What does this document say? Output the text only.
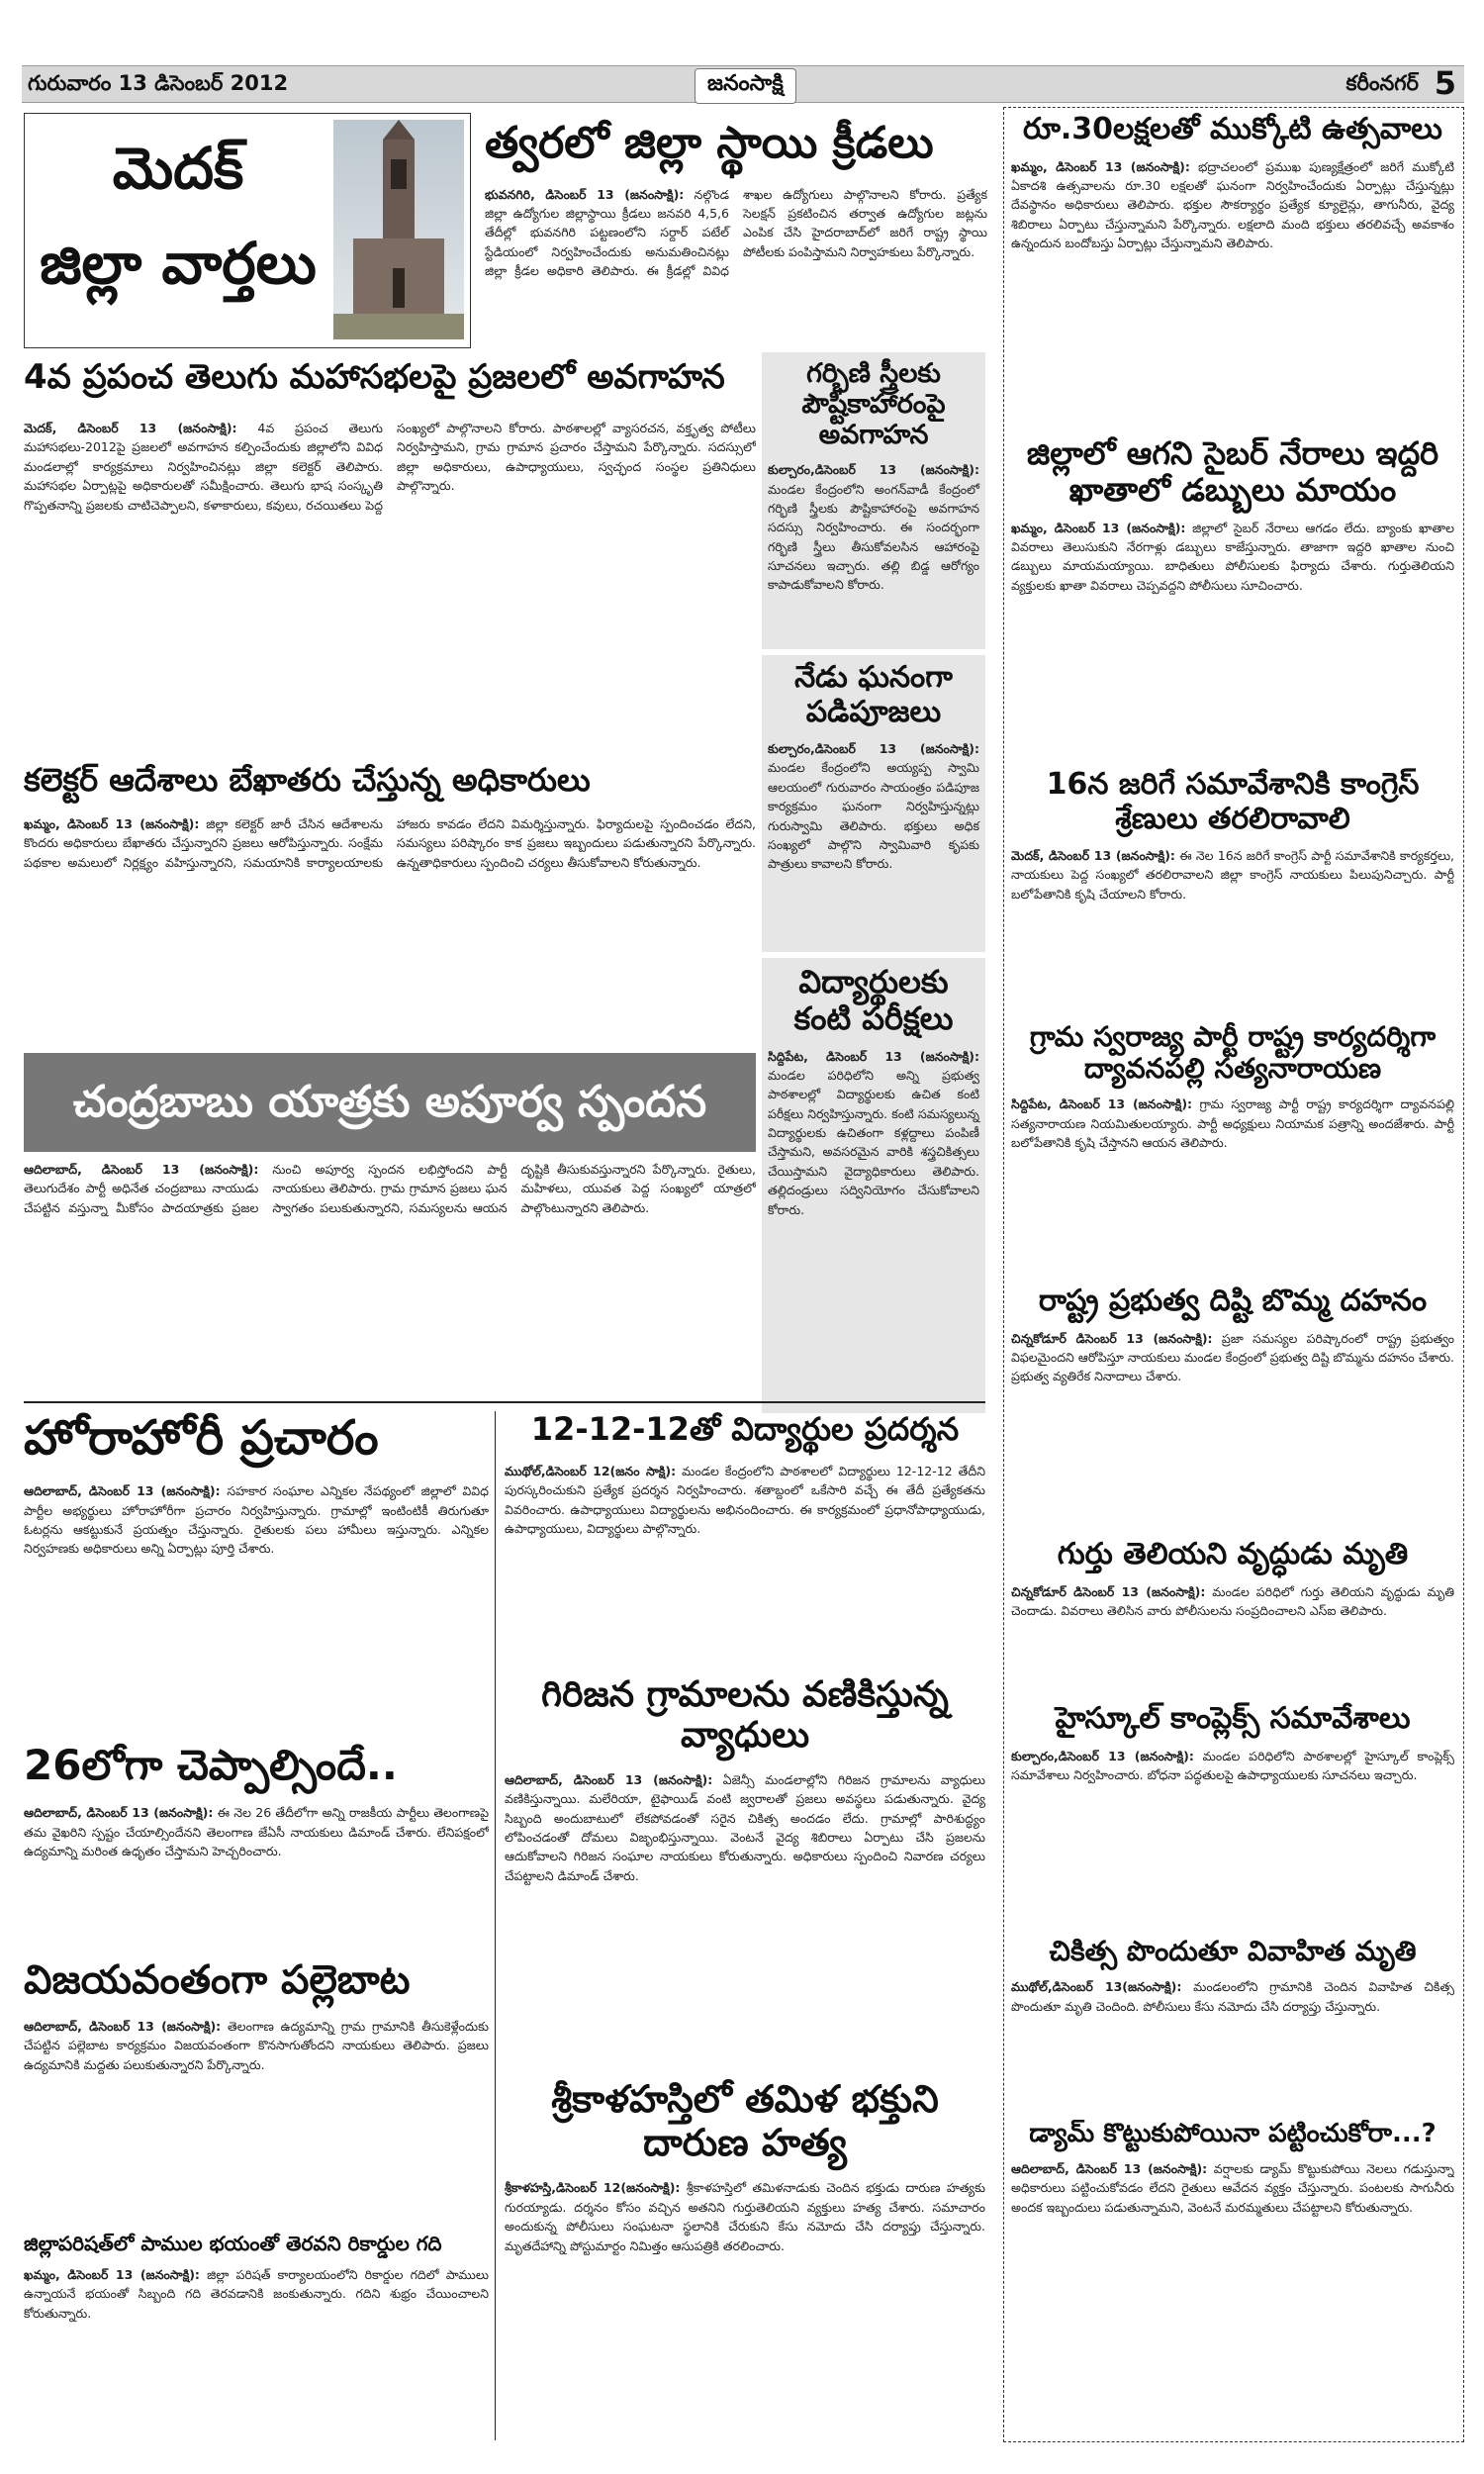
గురువారం 13 డిసెంబర్ 2012	జనంసాక్షి	కరీంనగర్ 5
మెదక్
జిల్లా వార్తలు
త్వరలో జిల్లా స్థాయి క్రీడలు
భువనగిరి, డిసెంబర్ 13 (జనంసాక్షి): నల్గొండ జిల్లా ఉద్యోగుల జిల్లాస్థాయి క్రీడలు జనవరి 4,5,6 తేదీల్లో భువనగిరి పట్టణంలోని సర్దార్ పటేల్ స్టేడియంలో నిర్వహించేందుకు అనుమతించినట్లు జిల్లా క్రీడల అధికారి తెలిపారు. ఈ క్రీడల్లో వివిధ శాఖల ఉద్యోగులు పాల్గొనాలని కోరారు. ప్రత్యేక సెలక్షన్ ప్రకటించిన తర్వాత ఉద్యోగుల జట్లను ఎంపిక చేసి హైదరాబాద్‌లో జరిగే రాష్ట్ర స్థాయి పోటీలకు పంపిస్తామని నిర్వాహకులు పేర్కొన్నారు.
4వ ప్రపంచ తెలుగు మహాసభలపై ప్రజలలో అవగాహన
మెదక్, డిసెంబర్ 13 (జనంసాక్షి): 4వ ప్రపంచ తెలుగు మహాసభలు-2012పై ప్రజలలో అవగాహన కల్పించేందుకు జిల్లాలోని వివిధ మండలాల్లో కార్యక్రమాలు నిర్వహించినట్లు జిల్లా కలెక్టర్ తెలిపారు. మహాసభల ఏర్పాట్లపై అధికారులతో సమీక్షించారు. తెలుగు భాష సంస్కృతి గొప్పతనాన్ని ప్రజలకు చాటిచెప్పాలని, కళాకారులు, కవులు, రచయితలు పెద్ద సంఖ్యలో పాల్గొనాలని కోరారు. పాఠశాలల్లో వ్యాసరచన, వక్తృత్వ పోటీలు నిర్వహిస్తామని, గ్రామ గ్రామాన ప్రచారం చేస్తామని పేర్కొన్నారు. సదస్సులో జిల్లా అధికారులు, ఉపాధ్యాయులు, స్వచ్ఛంద సంస్థల ప్రతినిధులు పాల్గొన్నారు.
గర్భిణి స్త్రీలకు పౌష్టికాహారంపై అవగాహన
కుల్చారం,డిసెంబర్ 13 (జనంసాక్షి): మండల కేంద్రంలోని అంగన్‌వాడీ కేంద్రంలో గర్భిణి స్త్రీలకు పౌష్టికాహారంపై అవగాహన సదస్సు నిర్వహించారు. ఈ సందర్భంగా గర్భిణి స్త్రీలు తీసుకోవలసిన ఆహారంపై సూచనలు ఇచ్చారు. తల్లి బిడ్డ ఆరోగ్యం కాపాడుకోవాలని కోరారు.
నేడు ఘనంగా పడిపూజలు
కుల్చారం,డిసెంబర్ 13 (జనంసాక్షి): మండల కేంద్రంలోని అయ్యప్ప స్వామి ఆలయంలో గురువారం సాయంత్రం పడిపూజ కార్యక్రమం ఘనంగా నిర్వహిస్తున్నట్లు గురుస్వామి తెలిపారు. భక్తులు అధిక సంఖ్యలో పాల్గొని స్వామివారి కృపకు పాత్రులు కావాలని కోరారు.
కలెక్టర్ ఆదేశాలు బేఖాతరు చేస్తున్న అధికారులు
ఖమ్మం, డిసెంబర్ 13 (జనంసాక్షి): జిల్లా కలెక్టర్ జారీ చేసిన ఆదేశాలను కొందరు అధికారులు బేఖాతరు చేస్తున్నారని ప్రజలు ఆరోపిస్తున్నారు. సంక్షేమ పథకాల అమలులో నిర్లక్ష్యం వహిస్తున్నారని, సమయానికి కార్యాలయాలకు హాజరు కావడం లేదని విమర్శిస్తున్నారు. ఫిర్యాదులపై స్పందించడం లేదని, సమస్యలు పరిష్కారం కాక ప్రజలు ఇబ్బందులు పడుతున్నారని పేర్కొన్నారు. ఉన్నతాధికారులు స్పందించి చర్యలు తీసుకోవాలని కోరుతున్నారు.
విద్యార్థులకు కంటి పరీక్షలు
సిద్దిపేట, డిసెంబర్ 13 (జనంసాక్షి): మండల పరిధిలోని అన్ని ప్రభుత్వ పాఠశాలల్లో విద్యార్థులకు ఉచిత కంటి పరీక్షలు నిర్వహిస్తున్నారు. కంటి సమస్యలున్న విద్యార్థులకు ఉచితంగా కళ్లద్దాలు పంపిణీ చేస్తామని, అవసరమైన వారికి శస్త్రచికిత్సలు చేయిస్తామని వైద్యాధికారులు తెలిపారు. తల్లిదండ్రులు సద్వినియోగం చేసుకోవాలని కోరారు.
చంద్రబాబు యాత్రకు అపూర్వ స్పందన
ఆదిలాబాద్, డిసెంబర్ 13 (జనంసాక్షి): తెలుగుదేశం పార్టీ అధినేత చంద్రబాబు నాయుడు చేపట్టిన వస్తున్నా మీకోసం పాదయాత్రకు ప్రజల నుంచి అపూర్వ స్పందన లభిస్తోందని పార్టీ నాయకులు తెలిపారు. గ్రామ గ్రామాన ప్రజలు ఘన స్వాగతం పలుకుతున్నారని, సమస్యలను ఆయన దృష్టికి తీసుకువస్తున్నారని పేర్కొన్నారు. రైతులు, మహిళలు, యువత పెద్ద సంఖ్యలో యాత్రలో పాల్గొంటున్నారని తెలిపారు.
హోరాహోరీ ప్రచారం
ఆదిలాబాద్, డిసెంబర్ 13 (జనంసాక్షి): సహకార సంఘాల ఎన్నికల నేపథ్యంలో జిల్లాలో వివిధ పార్టీల అభ్యర్థులు హోరాహోరీగా ప్రచారం నిర్వహిస్తున్నారు. గ్రామాల్లో ఇంటింటికీ తిరుగుతూ ఓటర్లను ఆకట్టుకునే ప్రయత్నం చేస్తున్నారు. రైతులకు పలు హామీలు ఇస్తున్నారు. ఎన్నికల నిర్వహణకు అధికారులు అన్ని ఏర్పాట్లు పూర్తి చేశారు.
26లోగా చెప్పాల్సిందే..
ఆదిలాబాద్, డిసెంబర్ 13 (జనంసాక్షి): ఈ నెల 26 తేదీలోగా అన్ని రాజకీయ పార్టీలు తెలంగాణపై తమ వైఖరిని స్పష్టం చేయాల్సిందేనని తెలంగాణ జేఏసీ నాయకులు డిమాండ్ చేశారు. లేనిపక్షంలో ఉద్యమాన్ని మరింత ఉధృతం చేస్తామని హెచ్చరించారు.
విజయవంతంగా పల్లెబాట
ఆదిలాబాద్, డిసెంబర్ 13 (జనంసాక్షి): తెలంగాణ ఉద్యమాన్ని గ్రామ గ్రామానికి తీసుకెళ్లేందుకు చేపట్టిన పల్లెబాట కార్యక్రమం విజయవంతంగా కొనసాగుతోందని నాయకులు తెలిపారు. ప్రజలు ఉద్యమానికి మద్దతు పలుకుతున్నారని పేర్కొన్నారు.
జిల్లాపరిషత్‌లో పాముల భయంతో తెరవని రికార్డుల గది
ఖమ్మం, డిసెంబర్ 13 (జనంసాక్షి): జిల్లా పరిషత్ కార్యాలయంలోని రికార్డుల గదిలో పాములు ఉన్నాయనే భయంతో సిబ్బంది గది తెరవడానికి జంకుతున్నారు. గదిని శుభ్రం చేయించాలని కోరుతున్నారు.
12-12-12తో విద్యార్థుల ప్రదర్శన
ముథోల్,డిసెంబర్ 12(జనం సాక్షి): మండల కేంద్రంలోని పాఠశాలలో విద్యార్థులు 12-12-12 తేదీని పురస్కరించుకుని ప్రత్యేక ప్రదర్శన నిర్వహించారు. శతాబ్దంలో ఒకేసారి వచ్చే ఈ తేదీ ప్రత్యేకతను వివరించారు. ఉపాధ్యాయులు విద్యార్థులను అభినందించారు. ఈ కార్యక్రమంలో ప్రధానోపాధ్యాయుడు, ఉపాధ్యాయులు, విద్యార్థులు పాల్గొన్నారు.
గిరిజన గ్రామాలను వణికిస్తున్న వ్యాధులు
ఆదిలాబాద్, డిసెంబర్ 13 (జనంసాక్షి): ఏజెన్సీ మండలాల్లోని గిరిజన గ్రామాలను వ్యాధులు వణికిస్తున్నాయి. మలేరియా, టైఫాయిడ్ వంటి జ్వరాలతో ప్రజలు అవస్థలు పడుతున్నారు. వైద్య సిబ్బంది అందుబాటులో లేకపోవడంతో సరైన చికిత్స అందడం లేదు. గ్రామాల్లో పారిశుద్ధ్యం లోపించడంతో దోమలు విజృంభిస్తున్నాయి. వెంటనే వైద్య శిబిరాలు ఏర్పాటు చేసి ప్రజలను ఆదుకోవాలని గిరిజన సంఘాల నాయకులు కోరుతున్నారు. అధికారులు స్పందించి నివారణ చర్యలు చేపట్టాలని డిమాండ్ చేశారు.
శ్రీకాళహస్తిలో తమిళ భక్తుని దారుణ హత్య
శ్రీకాళహస్తి,డిసెంబర్ 12(జనంసాక్షి): శ్రీకాళహస్తిలో తమిళనాడుకు చెందిన భక్తుడు దారుణ హత్యకు గురయ్యాడు. దర్శనం కోసం వచ్చిన అతనిని గుర్తుతెలియని వ్యక్తులు హత్య చేశారు. సమాచారం అందుకున్న పోలీసులు సంఘటనా స్థలానికి చేరుకుని కేసు నమోదు చేసి దర్యాప్తు చేస్తున్నారు. మృతదేహాన్ని పోస్టుమార్టం నిమిత్తం ఆసుపత్రికి తరలించారు.
రూ.30లక్షలతో ముక్కోటి ఉత్సవాలు
ఖమ్మం, డిసెంబర్ 13 (జనంసాక్షి): భద్రాచలంలో ప్రముఖ పుణ్యక్షేత్రంలో జరిగే ముక్కోటి ఏకాదశి ఉత్సవాలను రూ.30 లక్షలతో ఘనంగా నిర్వహించేందుకు ఏర్పాట్లు చేస్తున్నట్లు దేవస్థానం అధికారులు తెలిపారు. భక్తుల సౌకర్యార్థం ప్రత్యేక క్యూలైన్లు, తాగునీరు, వైద్య శిబిరాలు ఏర్పాటు చేస్తున్నామని పేర్కొన్నారు. లక్షలాది మంది భక్తులు తరలివచ్చే అవకాశం ఉన్నందున బందోబస్తు ఏర్పాట్లు చేస్తున్నామని తెలిపారు.
జిల్లాలో ఆగని సైబర్ నేరాలు ఇద్దరి ఖాతాలో డబ్బులు మాయం
ఖమ్మం, డిసెంబర్ 13 (జనంసాక్షి): జిల్లాలో సైబర్ నేరాలు ఆగడం లేదు. బ్యాంకు ఖాతాల వివరాలు తెలుసుకుని నేరగాళ్లు డబ్బులు కాజేస్తున్నారు. తాజాగా ఇద్దరి ఖాతాల నుంచి డబ్బులు మాయమయ్యాయి. బాధితులు పోలీసులకు ఫిర్యాదు చేశారు. గుర్తుతెలియని వ్యక్తులకు ఖాతా వివరాలు చెప్పవద్దని పోలీసులు సూచించారు.
16న జరిగే సమావేశానికి కాంగ్రెస్ శ్రేణులు తరలిరావాలి
మెదక్, డిసెంబర్ 13 (జనంసాక్షి): ఈ నెల 16న జరిగే కాంగ్రెస్ పార్టీ సమావేశానికి కార్యకర్తలు, నాయకులు పెద్ద సంఖ్యలో తరలిరావాలని జిల్లా కాంగ్రెస్ నాయకులు పిలుపునిచ్చారు. పార్టీ బలోపేతానికి కృషి చేయాలని కోరారు.
గ్రామ స్వరాజ్య పార్టీ రాష్ట్ర కార్యదర్శిగా ద్యావనపల్లి సత్యనారాయణ
సిద్దిపేట, డిసెంబర్ 13 (జనంసాక్షి): గ్రామ స్వరాజ్య పార్టీ రాష్ట్ర కార్యదర్శిగా ద్యావనపల్లి సత్యనారాయణ నియమితులయ్యారు. పార్టీ అధ్యక్షులు నియామక పత్రాన్ని అందజేశారు. పార్టీ బలోపేతానికి కృషి చేస్తానని ఆయన తెలిపారు.
రాష్ట్ర ప్రభుత్వ దిష్టి బొమ్మ దహనం
చిన్నకోడూర్ డిసెంబర్ 13 (జనంసాక్షి): ప్రజా సమస్యల పరిష్కారంలో రాష్ట్ర ప్రభుత్వం విఫలమైందని ఆరోపిస్తూ నాయకులు మండల కేంద్రంలో ప్రభుత్వ దిష్టి బొమ్మను దహనం చేశారు. ప్రభుత్వ వ్యతిరేక నినాదాలు చేశారు.
గుర్తు తెలియని వృద్ధుడు మృతి
చిన్నకోడూర్ డిసెంబర్ 13 (జనంసాక్షి): మండల పరిధిలో గుర్తు తెలియని వృద్ధుడు మృతి చెందాడు. వివరాలు తెలిసిన వారు పోలీసులను సంప్రదించాలని ఎస్ఐ తెలిపారు.
హైస్కూల్ కాంప్లెక్స్ సమావేశాలు
కుల్చారం,డిసెంబర్ 13 (జనంసాక్షి): మండల పరిధిలోని పాఠశాలల్లో హైస్కూల్ కాంప్లెక్స్ సమావేశాలు నిర్వహించారు. బోధనా పద్ధతులపై ఉపాధ్యాయులకు సూచనలు ఇచ్చారు.
చికిత్స పొందుతూ వివాహిత మృతి
ముథోల్,డిసెంబర్ 13(జనంసాక్షి): మండలంలోని గ్రామానికి చెందిన వివాహిత చికిత్స పొందుతూ మృతి చెందింది. పోలీసులు కేసు నమోదు చేసి దర్యాప్తు చేస్తున్నారు.
డ్యామ్ కొట్టుకుపోయినా పట్టించుకోరా...?
ఆదిలాబాద్, డిసెంబర్ 13 (జనంసాక్షి): వర్షాలకు డ్యామ్ కొట్టుకుపోయి నెలలు గడుస్తున్నా అధికారులు పట్టించుకోవడం లేదని రైతులు ఆవేదన వ్యక్తం చేస్తున్నారు. పంటలకు సాగునీరు అందక ఇబ్బందులు పడుతున్నామని, వెంటనే మరమ్మతులు చేపట్టాలని కోరుతున్నారు.
